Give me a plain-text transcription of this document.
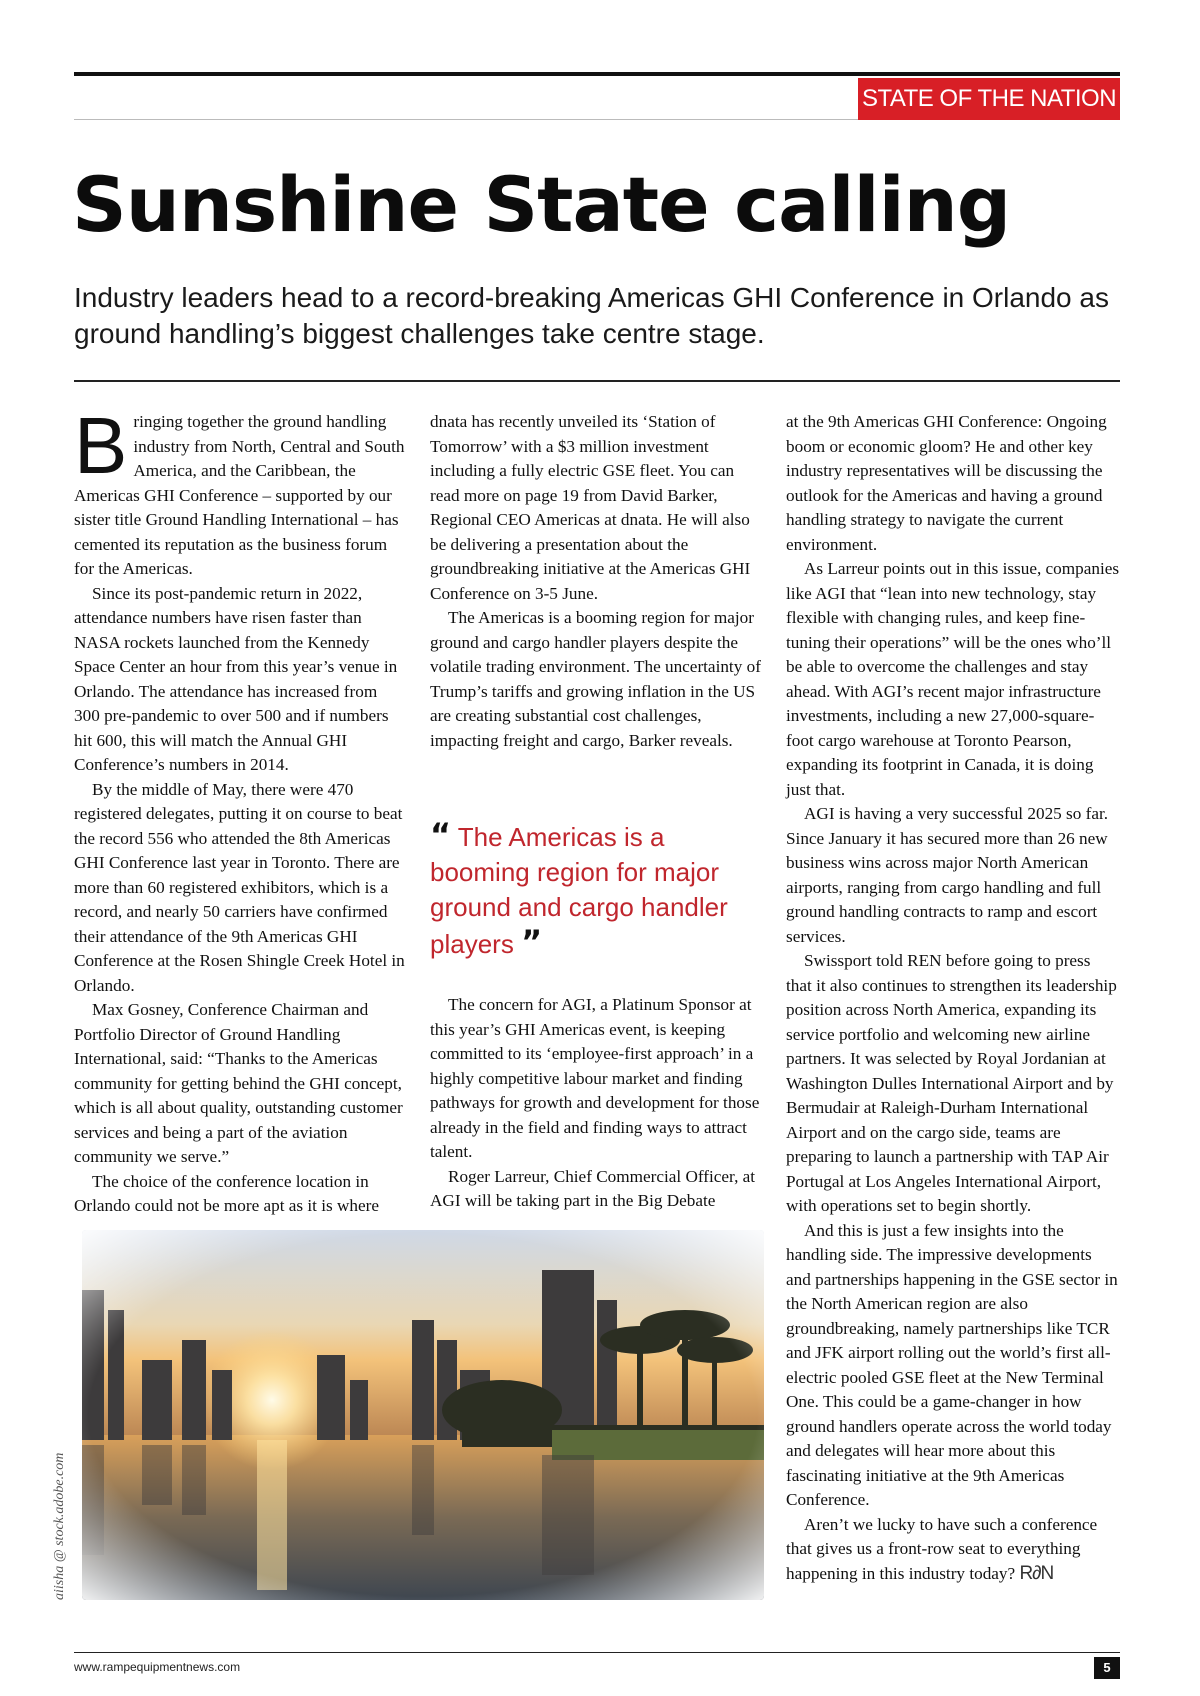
STATE OF THE NATION
Sunshine State calling

Industry leaders head to a record-breaking Americas GHI Conference in Orlando as ground handling’s biggest challenges take centre stage.

Bringing together the ground handling industry from North, Central and South America, and the Caribbean, the Americas GHI Conference – supported by our sister title Ground Handling International – has cemented its reputation as the business forum for the Americas.

Since its post-pandemic return in 2022, attendance numbers have risen faster than NASA rockets launched from the Kennedy Space Center an hour from this year’s venue in Orlando. The attendance has increased from 300 pre-pandemic to over 500 and if numbers hit 600, this will match the Annual GHI Conference’s numbers in 2014.

By the middle of May, there were 470 registered delegates, putting it on course to beat the record 556 who attended the 8th Americas GHI Conference last year in Toronto. There are more than 60 registered exhibitors, which is a record, and nearly 50 carriers have confirmed their attendance of the 9th Americas GHI Conference at the Rosen Shingle Creek Hotel in Orlando.

Max Gosney, Conference Chairman and Portfolio Director of Ground Handling International, said: “Thanks to the Americas community for getting behind the GHI concept, which is all about quality, outstanding customer services and being a part of the aviation community we serve.”

The choice of the conference location in Orlando could not be more apt as it is where

dnata has recently unveiled its ‘Station of Tomorrow’ with a $3 million investment including a fully electric GSE fleet. You can read more on page 19 from David Barker, Regional CEO Americas at dnata. He will also be delivering a presentation about the groundbreaking initiative at the Americas GHI Conference on 3-5 June.

The Americas is a booming region for major ground and cargo handler players despite the volatile trading environment. The uncertainty of Trump’s tariffs and growing inflation in the US are creating substantial cost challenges, impacting freight and cargo, Barker reveals.

“ The Americas is a booming region for major ground and cargo handler players ”

The concern for AGI, a Platinum Sponsor at this year’s GHI Americas event, is keeping committed to its ‘employee-first approach’ in a highly competitive labour market and finding pathways for growth and development for those already in the field and finding ways to attract talent.

Roger Larreur, Chief Commercial Officer, at AGI will be taking part in the Big Debate

at the 9th Americas GHI Conference: Ongoing boom or economic gloom? He and other key industry representatives will be discussing the outlook for the Americas and having a ground handling strategy to navigate the current environment.

As Larreur points out in this issue, companies like AGI that “lean into new technology, stay flexible with changing rules, and keep fine-tuning their operations” will be the ones who’ll be able to overcome the challenges and stay ahead. With AGI’s recent major infrastructure investments, including a new 27,000-square-foot cargo warehouse at Toronto Pearson, expanding its footprint in Canada, it is doing just that.

AGI is having a very successful 2025 so far. Since January it has secured more than 26 new business wins across major North American airports, ranging from cargo handling and full ground handling contracts to ramp and escort services.

Swissport told REN before going to press that it also continues to strengthen its leadership position across North America, expanding its service portfolio and welcoming new airline partners. It was selected by Royal Jordanian at Washington Dulles International Airport and by Bermudair at Raleigh-Durham International Airport and on the cargo side, teams are preparing to launch a partnership with TAP Air Portugal at Los Angeles International Airport, with operations set to begin shortly.

And this is just a few insights into the handling side. The impressive developments and partnerships happening in the GSE sector in the North American region are also groundbreaking, namely partnerships like TCR and JFK airport rolling out the world’s first all-electric pooled GSE fleet at the New Terminal One. This could be a game-changer in how ground handlers operate across the world today and delegates will hear more about this fascinating initiative at the 9th Americas Conference.

Aren’t we lucky to have such a conference that gives us a front-row seat to everything happening in this industry today? R∂N

aiisha @ stock.adobe.com
www.rampequipmentnews.com	5
